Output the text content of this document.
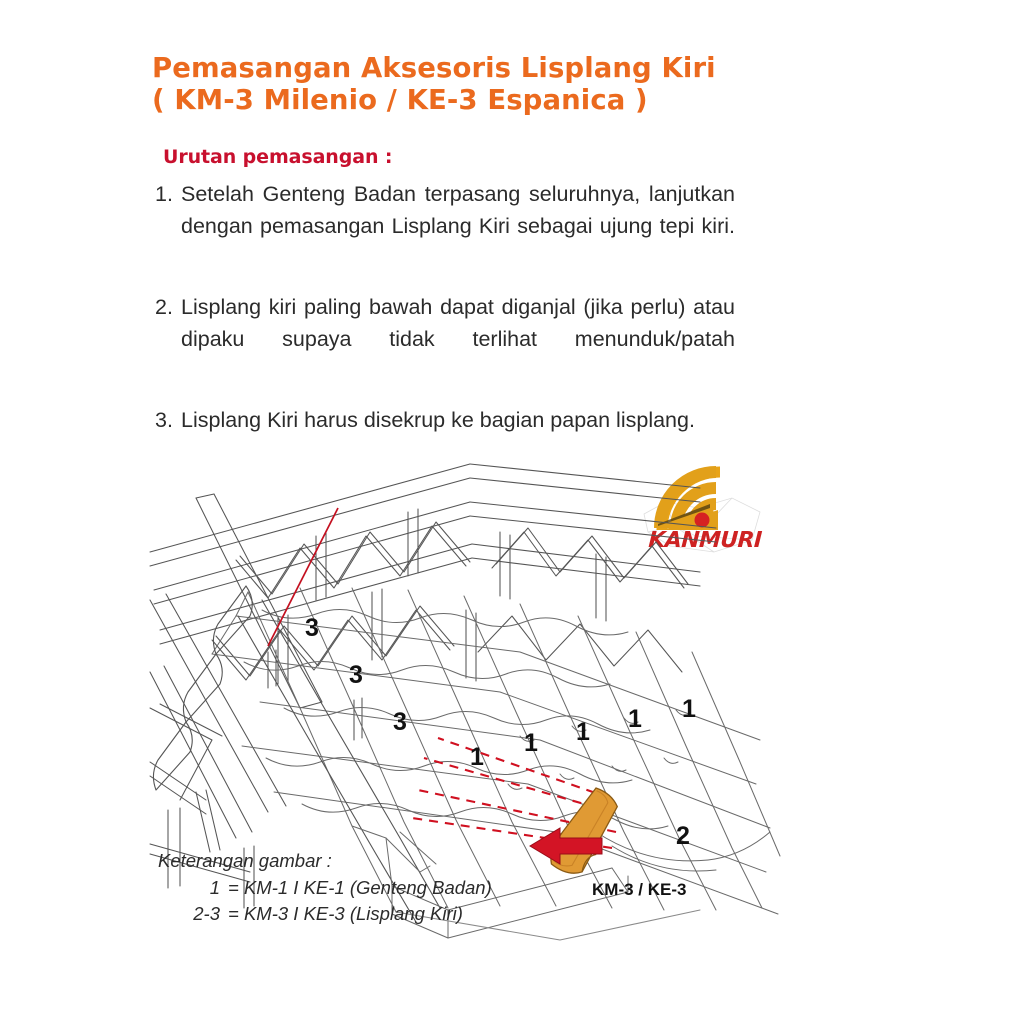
Pemasangan Aksesoris Lisplang Kiri
( KM-3 Milenio / KE-3 Espanica )
Urutan pemasangan :
1. Setelah Genteng Badan terpasang seluruhnya, lanjutkan dengan pemasangan Lisplang Kiri sebagai ujung tepi kiri.
2. Lisplang kiri paling bawah dapat diganjal (jika perlu) atau dipaku supaya tidak terlihat menunduk/patah
3. Lisplang Kiri harus disekrup ke bagian papan lisplang.
KANMURI
3
3
3
1 1 1 1 1
2
KM-3 / KE-3
Keterangan gambar :
1 = KM-1 I KE-1 (Genteng Badan)
2-3 = KM-3 I KE-3 (Lisplang Kiri)
